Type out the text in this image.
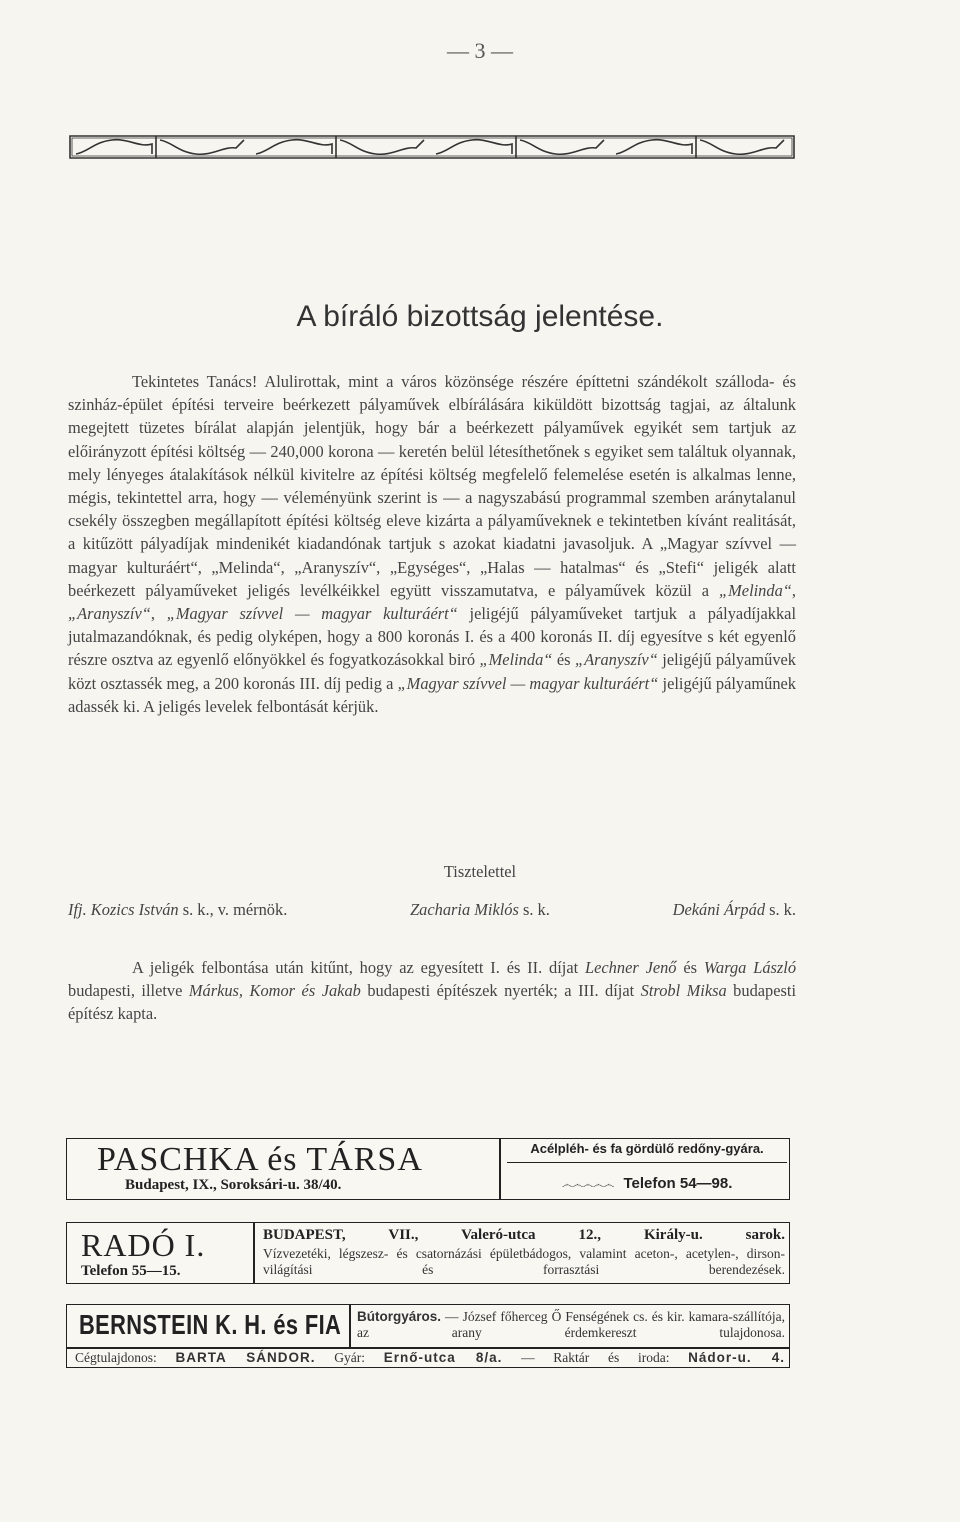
— 3 —
A bíráló bizottság jelentése.

Tekintetes Tanács! Alulirottak, mint a város közönsége részére építtetni szándékolt szálloda- és szinház-épület építési terveire beérkezett pályaművek elbírálására kiküldött bizottság tagjai, az általunk megejtett tüzetes bírálat alapján jelentjük, hogy bár a beérkezett pályaművek egyikét sem tartjuk az előirányzott építési költség — 240,000 korona — keretén belül létesíthetőnek s egyiket sem találtuk olyannak, mely lényeges átalakítások nélkül kivitelre az építési költség megfelelő felemelése esetén is alkalmas lenne, mégis, tekintettel arra, hogy — véleményünk szerint is — a nagyszabású programmal szemben aránytalanul csekély összegben megállapított építési költség eleve kizárta a pályaműveknek e tekintetben kívánt realitását, a kitűzött pályadíjak mindenikét kiadandónak tartjuk s azokat kiadatni javasoljuk. A „Magyar szívvel — magyar kulturáért“, „Melinda“, „Aranyszív“, „Egységes“, „Halas — hatalmas“ és „Stefi“ jeligék alatt beérkezett pályaműveket jeligés levélkéikkel együtt visszamutatva, e pályaművek közül a „Melinda“, „Aranyszív“, „Magyar szívvel — magyar kulturáért“ jeligéjű pályaműveket tartjuk a pályadíjakkal jutalmazandóknak, és pedig olyképen, hogy a 800 koronás I. és a 400 koronás II. díj egyesítve s két egyenlő részre osztva az egyenlő előnyökkel és fogyatkozásokkal biró „Melinda“ és „Aranyszív“ jeligéjű pályaművek közt osztassék meg, a 200 koronás III. díj pedig a „Magyar szívvel — magyar kulturáért“ jeligéjű pályaműnek adassék ki. A jeligés levelek felbontását kérjük.

Tisztelettel
Ifj. Kozics István s. k., v. mérnök.	Zacharia Miklós s. k.	Dekáni Árpád s. k.

A jeligék felbontása után kitűnt, hogy az egyesített I. és II. díjat Lechner Jenő és Warga László budapesti, illetve Márkus, Komor és Jakab budapesti építészek nyerték; a III. díjat Strobl Miksa budapesti építész kapta.

PASCHKA és TÁRSA
Budapest, IX., Soroksári-u. 38/40.
Acélpléh- és fa gördülő redőny-gyára.
෴෴෴෴෴ Telefon 54—98.
RADÓ I.
Telefon 55—15.
BUDAPEST, VII., Valeró-utca 12., Király-u. sarok.
Vízvezetéki, légszesz- és csatornázási épületbádogos, valamint aceton-, acetylen-, dirson- világítási és forrasztási berendezések.
BERNSTEIN K. H. és FIA Bútorgyáros. — József főherceg Ő Fenségének cs. és kir. kamara-szállítója, az arany érdemkereszt tulajdonosa.
Cégtulajdonos: BARTA SÁNDOR. Gyár: Ernő-utca 8/a. — Raktár és iroda: Nádor-u. 4.
